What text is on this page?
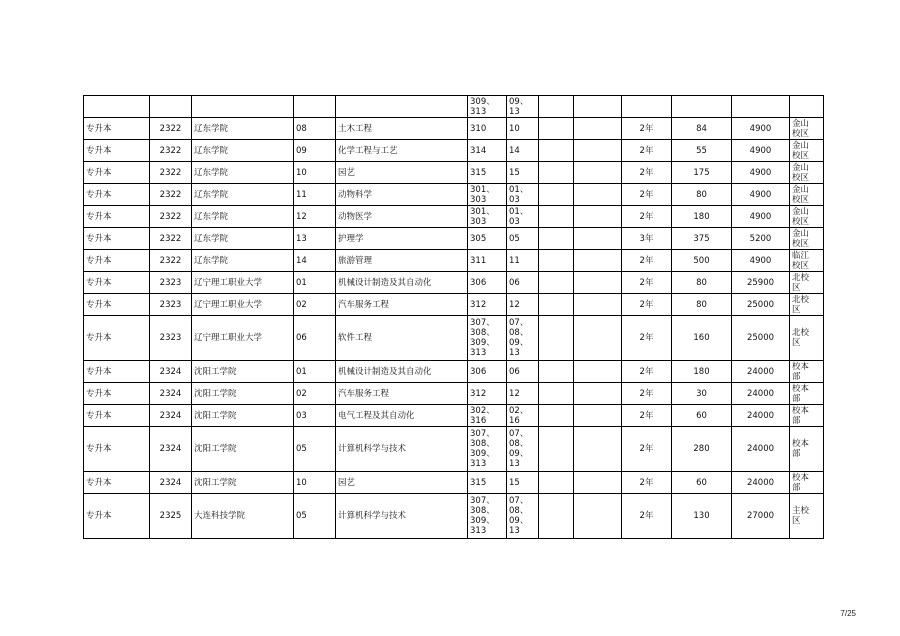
					309、
313	09、
13						
专升本	2322	辽东学院	08	土木工程	310	10			2年	84	4900	金山
校区
专升本	2322	辽东学院	09	化学工程与工艺	314	14			2年	55	4900	金山
校区
专升本	2322	辽东学院	10	园艺	315	15			2年	175	4900	金山
校区
专升本	2322	辽东学院	11	动物科学	301、
303	01、
03			2年	80	4900	金山
校区
专升本	2322	辽东学院	12	动物医学	301、
303	01、
03			2年	180	4900	金山
校区
专升本	2322	辽东学院	13	护理学	305	05			3年	375	5200	金山
校区
专升本	2322	辽东学院	14	旅游管理	311	11			2年	500	4900	临江
校区
专升本	2323	辽宁理工职业大学	01	机械设计制造及其自动化	306	06			2年	80	25900	北校
区
专升本	2323	辽宁理工职业大学	02	汽车服务工程	312	12			2年	80	25000	北校
区
专升本	2323	辽宁理工职业大学	06	软件工程	307、
308、
309、
313	07、
08、
09、
13			2年	160	25000	北校
区
专升本	2324	沈阳工学院	01	机械设计制造及其自动化	306	06			2年	180	24000	校本
部
专升本	2324	沈阳工学院	02	汽车服务工程	312	12			2年	30	24000	校本
部
专升本	2324	沈阳工学院	03	电气工程及其自动化	302、
316	02、
16			2年	60	24000	校本
部
专升本	2324	沈阳工学院	05	计算机科学与技术	307、
308、
309、
313	07、
08、
09、
13			2年	280	24000	校本
部
专升本	2324	沈阳工学院	10	园艺	315	15			2年	60	24000	校本
部
专升本	2325	大连科技学院	05	计算机科学与技术	307、
308、
309、
313	07、
08、
09、
13			2年	130	27000	主校
区
7/25
